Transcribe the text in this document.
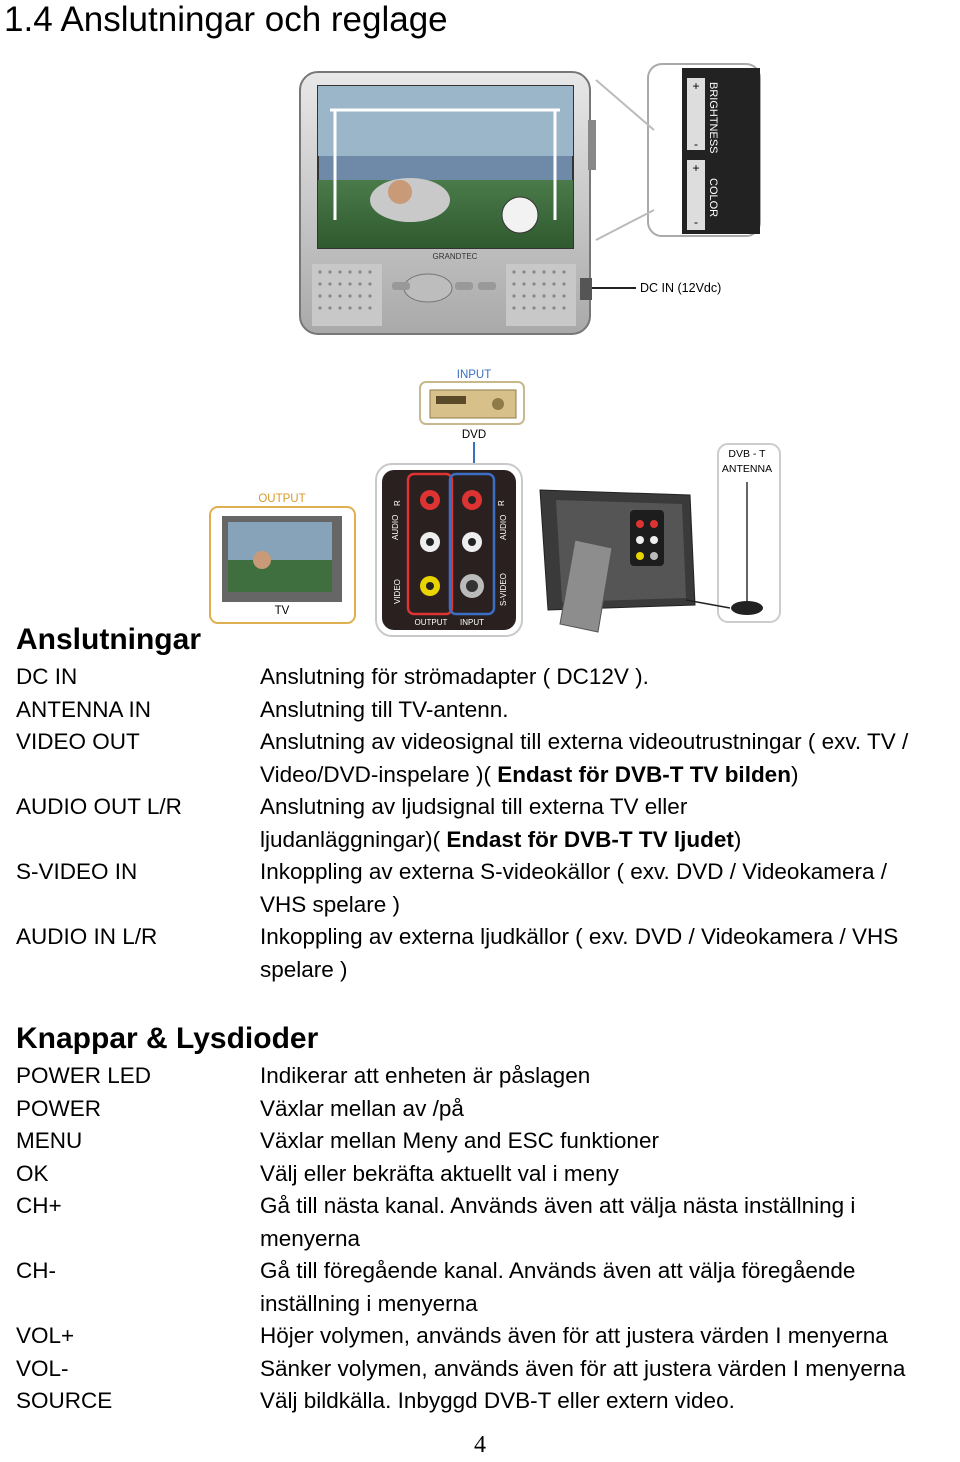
1.4 Anslutningar och reglage
GRANDTEC
+
-
+
-
BRIGHTNESS
COLOR
DC IN (12Vdc)
INPUT
DVD
OUTPUT
TV
AUDIO
R
AUDIO
R
VIDEO	S-VIDEO
OUTPUT INPUT
DVB - T
ANTENNA
Anslutningar
DC IN	Anslutning för strömadapter ( DC12V ).
ANTENNA IN	Anslutning till TV-antenn.
VIDEO OUT	Anslutning av videosignal till externa videoutrustningar ( exv. TV /
Video/DVD-inspelare )( Endast för DVB-T TV bilden)
AUDIO OUT L/R	Anslutning av ljudsignal till externa TV eller
ljudanläggningar)( Endast för DVB-T TV ljudet)
S-VIDEO IN	Inkoppling av externa S-videokällor ( exv. DVD / Videokamera /
VHS spelare )
AUDIO IN L/R	Inkoppling av externa ljudkällor ( exv. DVD / Videokamera / VHS
spelare )
Knappar & Lysdioder
POWER LED	Indikerar att enheten är påslagen
POWER	Växlar mellan av /på
MENU	Växlar mellan Meny and ESC funktioner
OK	Välj eller bekräfta aktuellt val i meny
CH+	Gå till nästa kanal. Används även att välja nästa inställning i
menyerna
CH-	Gå till föregående kanal. Används även att välja föregående
inställning i menyerna
VOL+	Höjer volymen, används även för att justera värden I menyerna
VOL-	Sänker volymen, används även för att justera värden I menyerna
SOURCE	Välj bildkälla. Inbyggd DVB-T eller extern video.
4
